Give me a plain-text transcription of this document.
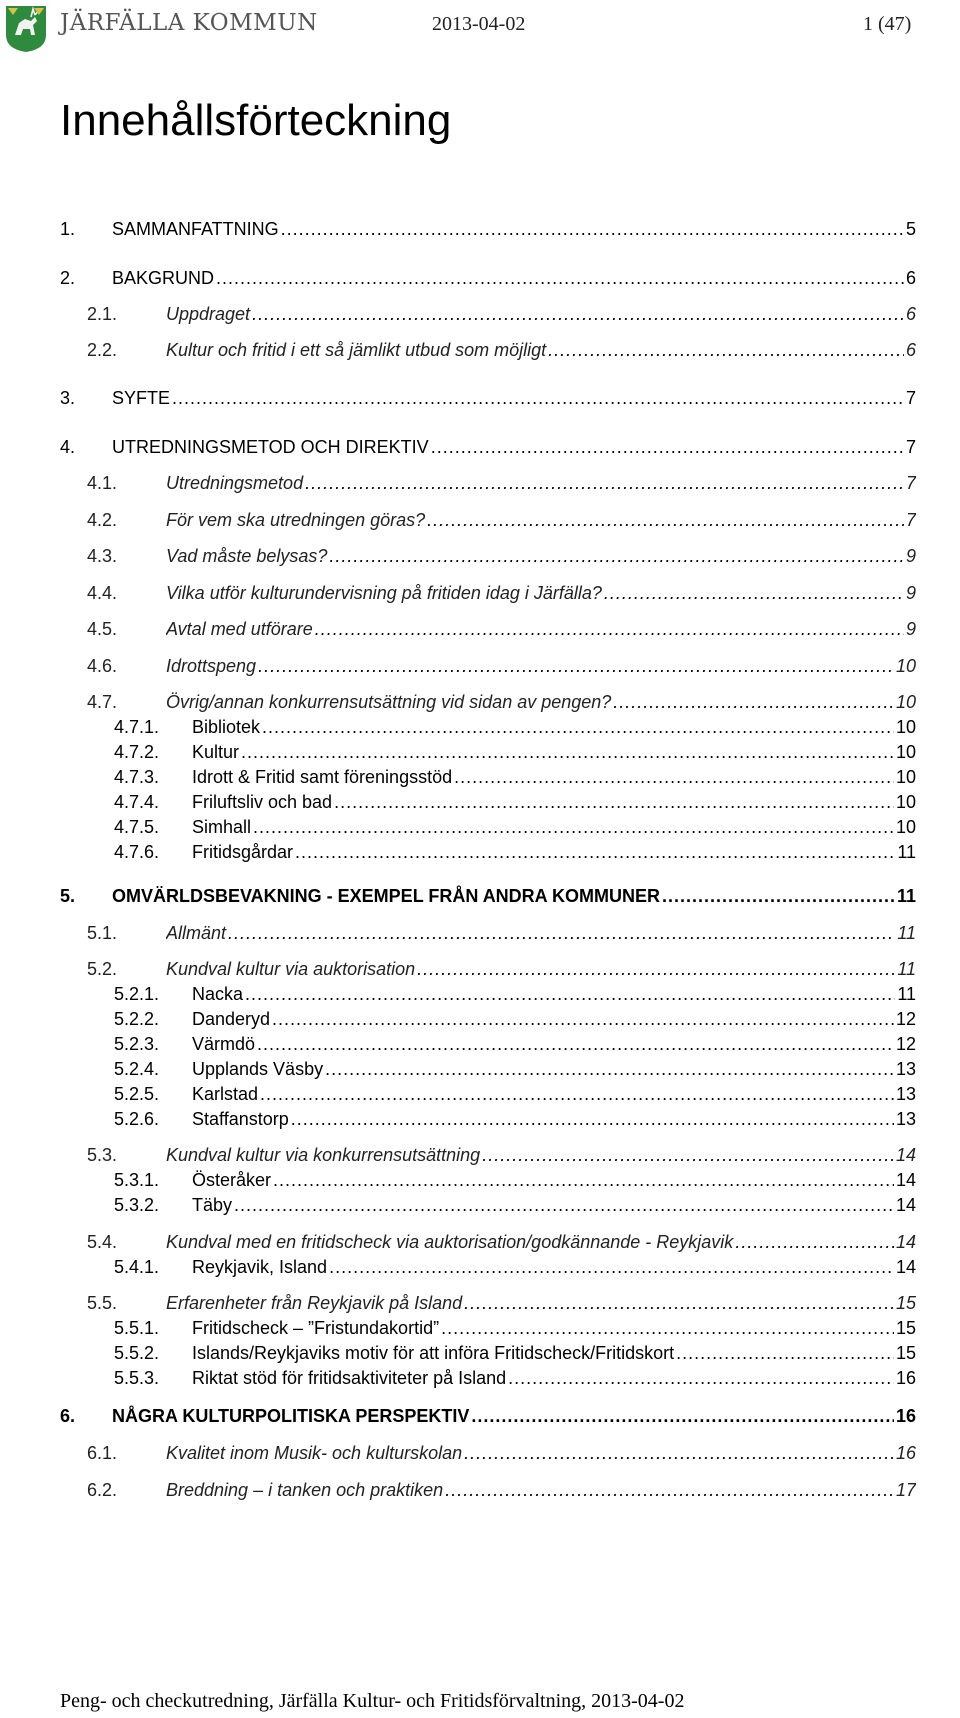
JÄRFÄLLA KOMMUN	2013-04-02	1 (47)
Innehållsförteckning
1. SAMMANFATTNING .....	5
2. BAKGRUND .....	6
2.1.	Uppdraget .....	6
2.2.	Kultur och fritid i ett så jämlikt utbud som möjligt .....	6
3. SYFTE .....	7
4. UTREDNINGSMETOD OCH DIREKTIV .....	7
4.1.	Utredningsmetod .....	7
4.2.	För vem ska utredningen göras? .....	7
4.3.	Vad måste belysas? .....	9
4.4.	Vilka utför kulturundervisning på fritiden idag i Järfälla? .....	9
4.5.	Avtal med utförare .....	9
4.6.	Idrottspeng .....	10
4.7.	Övrig/annan konkurrensutsättning vid sidan av pengen? .....	10
4.7.1. Bibliotek .....	10
4.7.2. Kultur .....	10
4.7.3. Idrott & Fritid samt föreningsstöd .....	10
4.7.4. Friluftsliv och bad .....	10
4.7.5. Simhall .....	10
4.7.6. Fritidsgårdar .....	11
5. OMVÄRLDSBEVAKNING - EXEMPEL FRÅN ANDRA KOMMUNER .....	11
5.1.	Allmänt .....	11
5.2.	Kundval kultur via auktorisation .....	11
5.2.1. Nacka .....	11
5.2.2. Danderyd .....	12
5.2.3. Värmdö .....	12
5.2.4. Upplands Väsby .....	13
5.2.5. Karlstad .....	13
5.2.6. Staffanstorp .....	13
5.3.	Kundval kultur via konkurrensutsättning .....	14
5.3.1. Österåker .....	14
5.3.2. Täby .....	14
5.4.	Kundval med en fritidscheck via auktorisation/godkännande - Reykjavik .....	14
5.4.1. Reykjavik, Island .....	14
5.5.	Erfarenheter från Reykjavik på Island .....	15
5.5.1. Fritidscheck – ”Fristundakortid” .....	15
5.5.2. Islands/Reykjaviks motiv för att införa Fritidscheck/Fritidskort .....	15
5.5.3. Riktat stöd för fritidsaktiviteter på Island .....	16
6. NÅGRA KULTURPOLITISKA PERSPEKTIV .....	16
6.1.	Kvalitet inom Musik- och kulturskolan .....	16
6.2.	Breddning – i tanken och praktiken .....	17
Peng- och checkutredning, Järfälla Kultur- och Fritidsförvaltning, 2013-04-02
